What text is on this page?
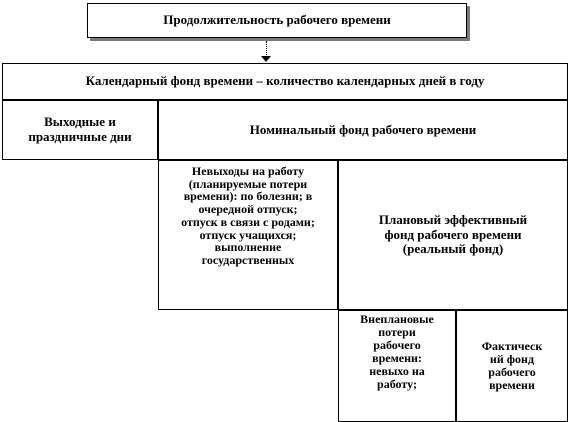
Продолжительность рабочего времени
Календарный фонд времени – количество календарных дней в году
Выходные и
праздничные дни	Номинальный фонд рабочего времени
Невыходы на работу
(планируемые потери
времени): по болезни; в
очередной отпуск;
отпуск в связи с родами;
отпуск учащихся;
выполнение
государственных
Плановый эффективный
фонд рабочего времени
(реальный фонд)
Внеплановые
потери
рабочего
времени:
невыхо на
работу;
Фактическ
ий фонд
рабочего
времени
